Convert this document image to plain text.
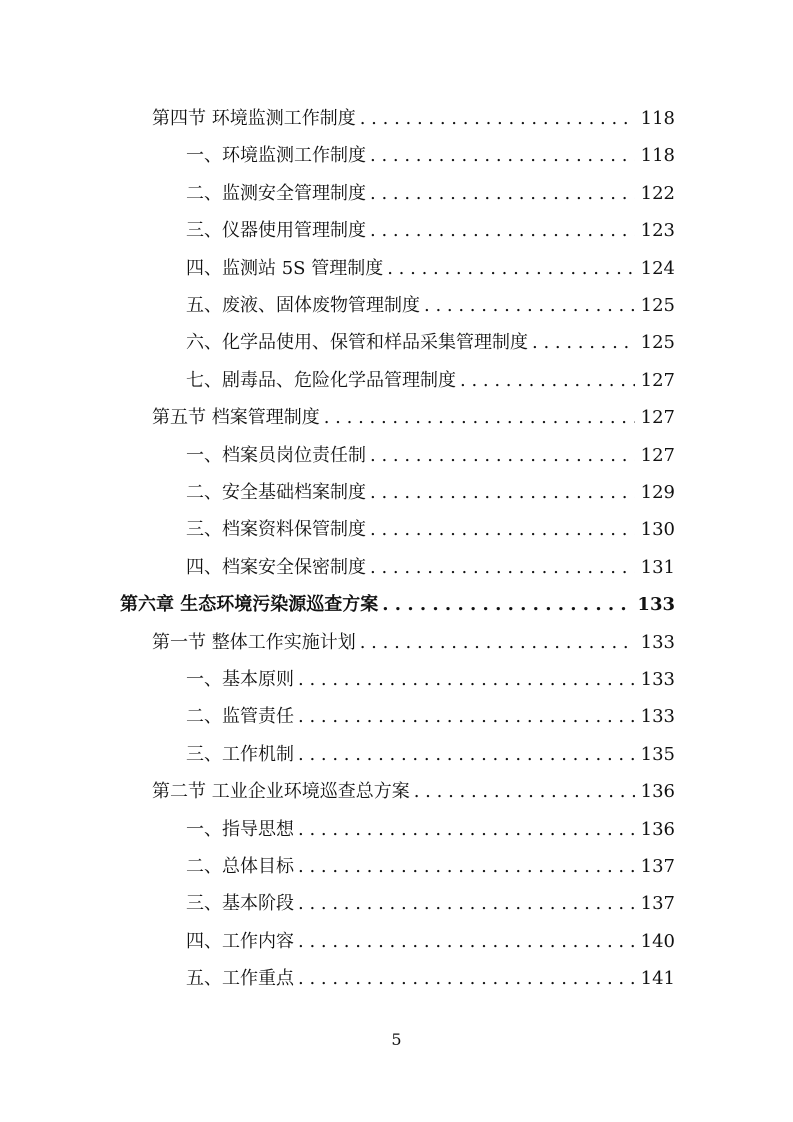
第四节 环境监测工作制度 . . .	118
一、环境监测工作制度 . . .	118
二、监测安全管理制度 . . .	122
三、仪器使用管理制度 . . .	123
四、监测站 5S 管理制度 . . .	124
五、废液、固体废物管理制度 . . .	125
六、化学品使用、保管和样品采集管理制度 . . .	125
七、剧毒品、危险化学品管理制度 . . .	127
第五节 档案管理制度 . . .	127
一、档案员岗位责任制 . . .	127
二、安全基础档案制度 . . .	129
三、档案资料保管制度 . . .	130
四、档案安全保密制度 . . .	131
第六章 生态环境污染源巡查方案 . . .	133
第一节 整体工作实施计划 . . .	133
一、基本原则 . . .	133
二、监管责任 . . .	133
三、工作机制 . . .	135
第二节 工业企业环境巡查总方案 . . .	136
一、指导思想 . . .	136
二、总体目标 . . .	137
三、基本阶段 . . .	137
四、工作内容 . . .	140
五、工作重点 . . .	141
5
